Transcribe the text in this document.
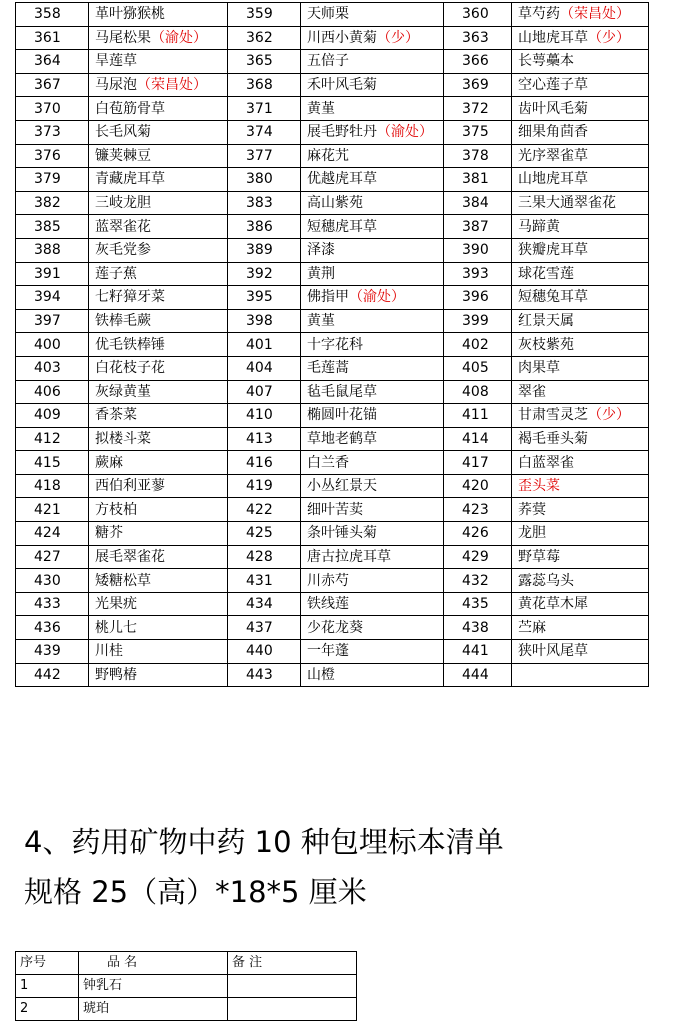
358	革叶猕猴桃	359	天师栗	360	草芍药（荣昌处）
361	马尾松果（渝处）	362	川西小黄菊（少）	363	山地虎耳草（少）
364	旱莲草	365	五倍子	366	长萼蘽本
367	马尿泡（荣昌处）	368	禾叶风毛菊	369	空心莲子草
370	白苞筋骨草	371	黄堇	372	齿叶风毛菊
373	长毛风菊	374	展毛野牡丹（渝处）	375	细果角茴香
376	镰荚棘豆	377	麻花艽	378	光序翠雀草
379	青藏虎耳草	380	优越虎耳草	381	山地虎耳草
382	三岐龙胆	383	高山紫苑	384	三果大通翠雀花
385	蓝翠雀花	386	短穗虎耳草	387	马蹄黄
388	灰毛党参	389	泽漆	390	狭瓣虎耳草
391	莲子蕉	392	黄荆	393	球花雪莲
394	七籽獐牙菜	395	佛指甲（渝处）	396	短穗兔耳草
397	铁棒毛蕨	398	黄堇	399	红景天属
400	优毛铁棒锤	401	十字花科	402	灰枝紫苑
403	白花枝子花	404	毛莲蒿	405	肉果草
406	灰绿黄堇	407	毡毛鼠尾草	408	翠雀
409	香茶菜	410	椭圆叶花锚	411	甘肃雪灵芝（少）
412	拟楼斗菜	413	草地老鹤草	414	褐毛垂头菊
415	蕨麻	416	白兰香	417	白蓝翠雀
418	西伯利亚蓼	419	小丛红景天	420	歪头菜
421	方枝柏	422	细叶苦荬	423	荞蓂
424	糖芥	425	条叶锤头菊	426	龙胆
427	展毛翠雀花	428	唐古拉虎耳草	429	野草莓
430	矮糖松草	431	川赤芍	432	露蕊乌头
433	光果疣	434	铁线莲	435	黄花草木犀
436	桃儿七	437	少花龙葵	438	苎麻
439	川桂	440	一年蓬	441	狭叶风尾草
442	野鸭椿	443	山橙	444	
4、药用矿物中药 10 种包埋标本清单
规格 25（高）*18*5 厘米
序号	品 名	备 注
1	钟乳石	
2	琥珀	
